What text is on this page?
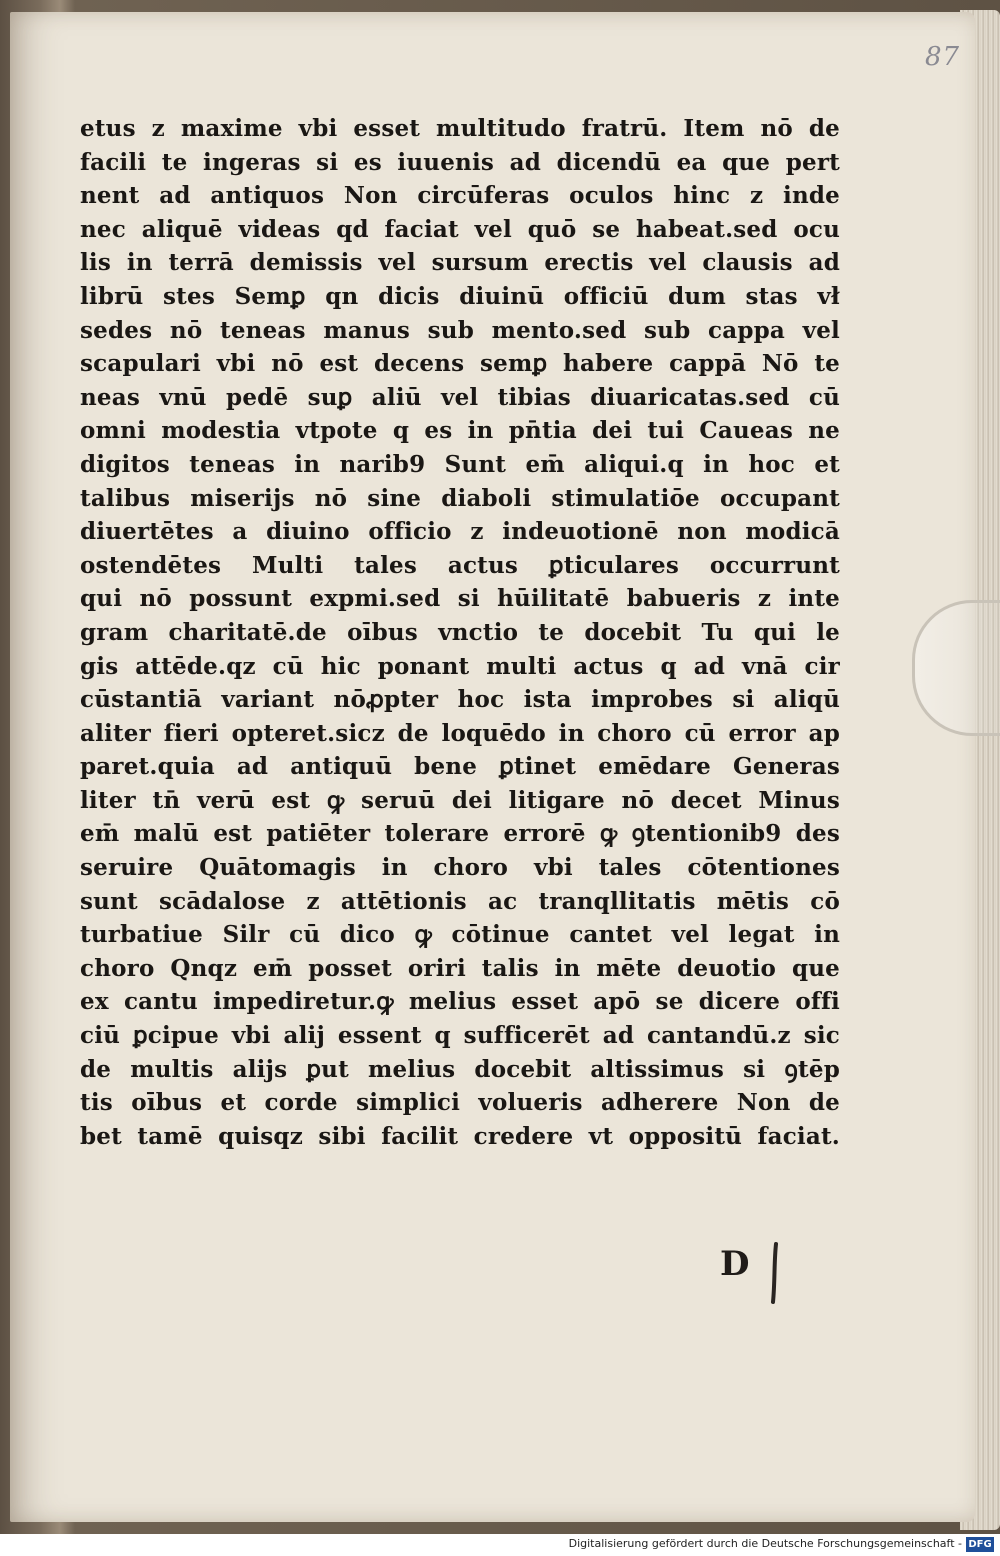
87
etus z maxime vbi esset multitudo fratrū. Item nō de
facili te ingeras si es iuuenis ad dicendū ea que pert
nent ad antiquos Non circūferas oculos hinc z inde
nec aliquē videas qd faciat vel quō se habeat.sed ocu
lis in terrā demissis vel sursum erectis vel clausis ad
librū stes Semꝑ qn dicis diuinū officiū dum stas vł
sedes nō teneas manus sub mento.sed sub cappa vel
scapulari vbi nō est decens semꝑ habere cappā Nō te
neas vnū pedē suꝑ aliū vel tibias diuaricatas.sed cū
omni modestia vtpote q es in pn̄tia dei tui Caueas ne
digitos teneas in narib9 Sunt em̄ aliqui.q in hoc et
talibus miserijs nō sine diaboli stimulatiōe occupant
diuertētes a diuino officio z indeuotionē non modicā
ostendētes Multi tales actus ꝑticulares occurrunt
qui nō possunt expmi.sed si hūilitatē babueris z inte
gram charitatē.de oībus vnctio te docebit Tu qui le
gis attēde.qz cū hic ponant multi actus q ad vnā cir
cūstantiā variant nōꝓpter hoc ista improbes si aliqū
aliter fieri opteret.sicz de loquēdo in choro cū error ap
paret.quia ad antiquū bene ꝑtinet emēdare Generas
liter tn̄ verū est ꝙ seruū dei litigare nō decet Minus
em̄ malū est patiēter tolerare errorē ꝙ ꝯtentionib9 des
seruire Quātomagis in choro vbi tales cōtentiones
sunt scādalose z attētionis ac tranqllitatis mētis cō
turbatiue Silr cū dico ꝙ cōtinue cantet vel legat in
choro Qnqz em̄ posset oriri talis in mēte deuotio que
ex cantu impediretur.ꝙ melius esset apō se dicere offi
ciū ꝑcipue vbi alij essent q sufficerēt ad cantandū.z sic
de multis alijs ꝑut melius docebit altissimus si ꝯtēp
tis oībus et corde simplici volueris adherere Non de
bet tamē quisqz sibi facilit credere vt oppositū faciat.
D
Digitalisierung gefördert durch die Deutsche Forschungsgemeinschaft - DFG
